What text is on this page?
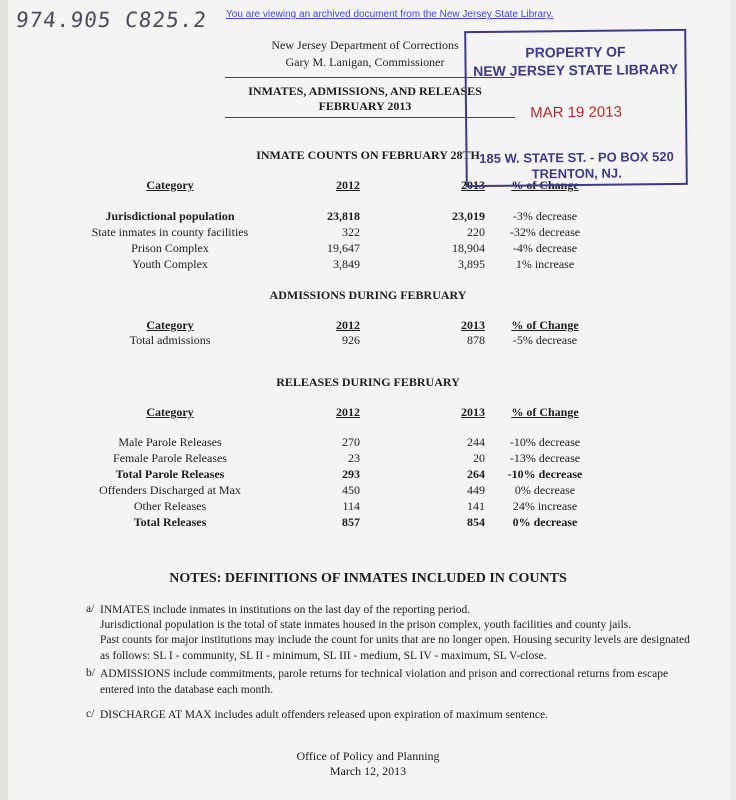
974.905 C825.2 You are viewing an archived document from the New Jersey State Library.
New Jersey Department of Corrections
Gary M. Lanigan, Commissioner
INMATES, ADMISSIONS, AND RELEASES
FEBRUARY 2013
INMATE COUNTS ON FEBRUARY 28TH
Category	2012	2013	% of Change
Jurisdictional population	23,818	23,019	-3% decrease
State inmates in county facilities	322	220	-32% decrease
Prison Complex	19,647	18,904	-4% decrease
Youth Complex	3,849	3,895	1% increase
ADMISSIONS DURING FEBRUARY
Category	2012	2013	% of Change
Total admissions	926	878	-5% decrease
RELEASES DURING FEBRUARY
Category	2012	2013	% of Change
Male Parole Releases	270	244	-10% decrease
Female Parole Releases	23	20	-13% decrease
Total Parole Releases	293	264	-10% decrease
Offenders Discharged at Max	450	449	0% decrease
Other Releases	114	141	24% increase
Total Releases	857	854	0% decrease
PROPERTY OF
NEW JERSEY STATE LIBRARY
MAR 19 2013
185 W. STATE ST. - PO BOX 520
TRENTON, NJ.
NOTES: DEFINITIONS OF INMATES INCLUDED IN COUNTS
a/ INMATES include inmates in institutions on the last day of the reporting period.
Jurisdictional population is the total of state inmates housed in the prison complex, youth facilities and county jails.
Past counts for major institutions may include the count for units that are no longer open. Housing security levels are designated as follows: SL I - community, SL II - minimum, SL III - medium, SL IV - maximum, SL V-close.
b/ ADMISSIONS include commitments, parole returns for technical violation and prison and correctional returns from escape entered into the database each month.
c/ DISCHARGE AT MAX includes adult offenders released upon expiration of maximum sentence.
Office of Policy and Planning
March 12, 2013
